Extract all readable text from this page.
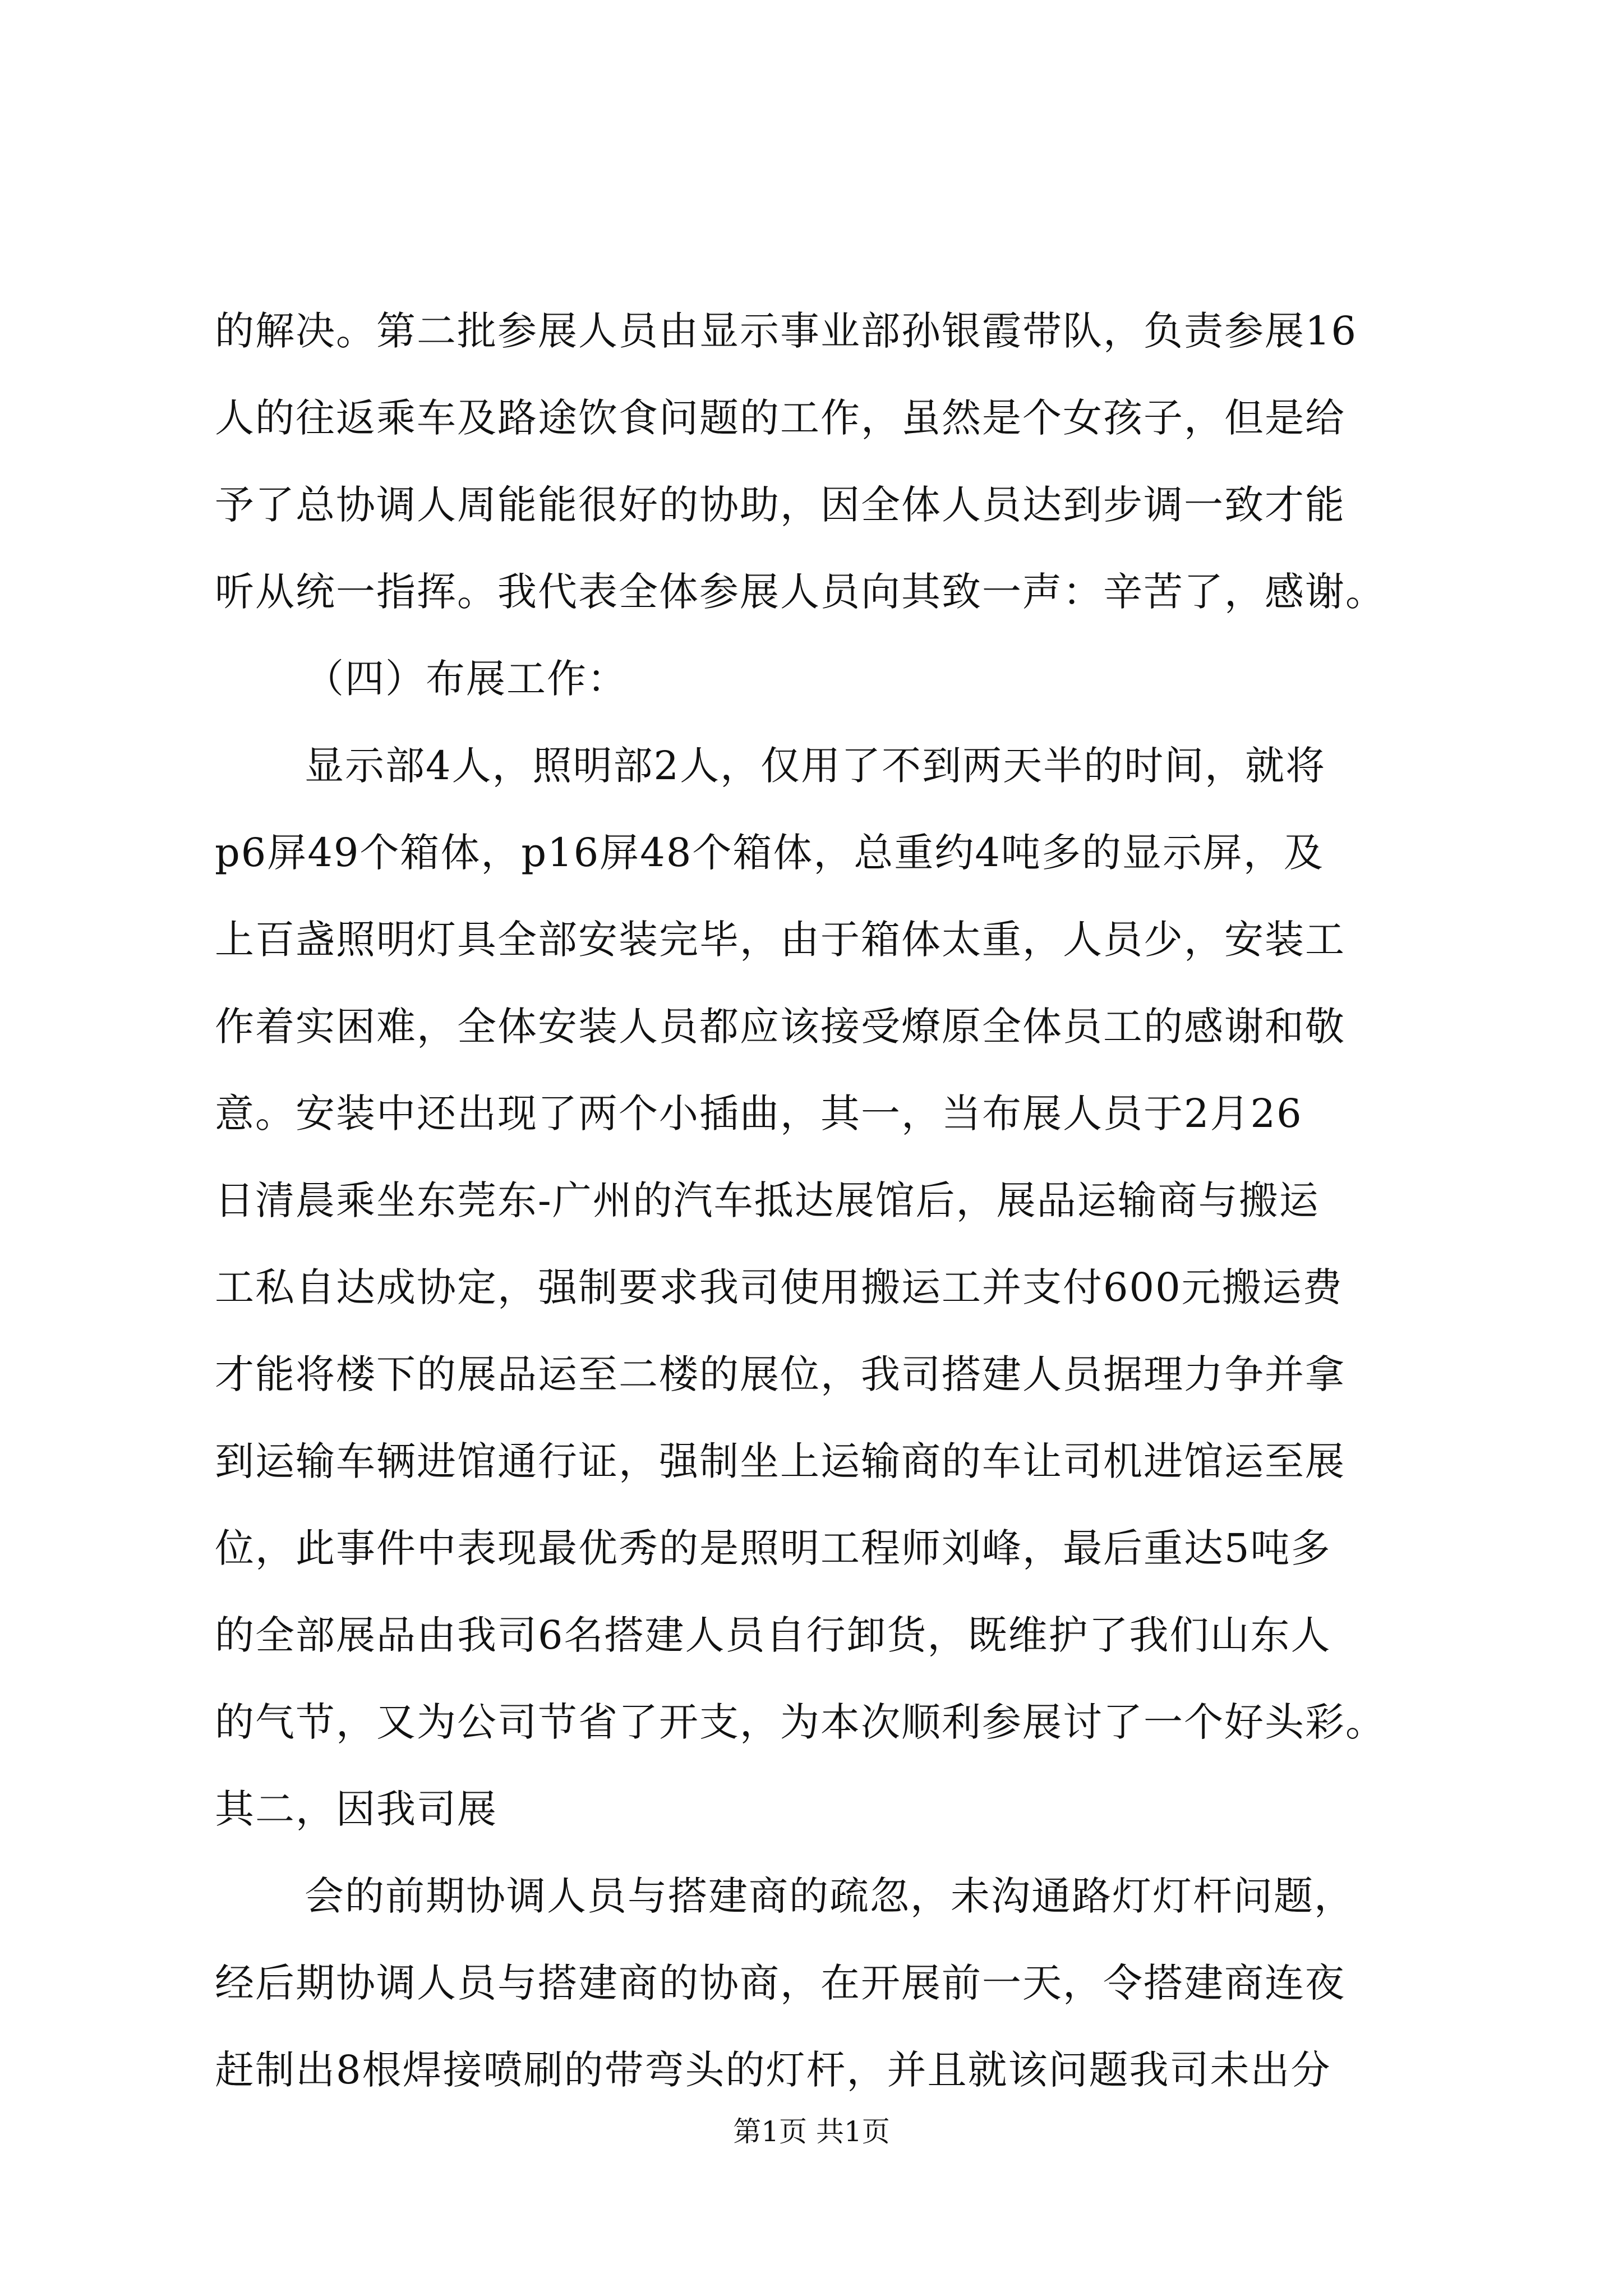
的解决。第二批参展人员由显示事业部孙银霞带队，负责参展16
人的往返乘车及路途饮食问题的工作，虽然是个女孩子，但是给
予了总协调人周能能很好的协助，因全体人员达到步调一致才能
听从统一指挥。我代表全体参展人员向其致一声：辛苦了，感谢。
（四）布展工作：
显示部4人，照明部2人，仅用了不到两天半的时间，就将
p6屏49个箱体，p16屏48个箱体，总重约4吨多的显示屏，及
上百盏照明灯具全部安装完毕，由于箱体太重，人员少，安装工
作着实困难，全体安装人员都应该接受燎原全体员工的感谢和敬
意。安装中还出现了两个小插曲，其一，当布展人员于2月26
日清晨乘坐东莞东-广州的汽车抵达展馆后，展品运输商与搬运
工私自达成协定，强制要求我司使用搬运工并支付600元搬运费
才能将楼下的展品运至二楼的展位，我司搭建人员据理力争并拿
到运输车辆进馆通行证，强制坐上运输商的车让司机进馆运至展
位，此事件中表现最优秀的是照明工程师刘峰，最后重达5吨多
的全部展品由我司6名搭建人员自行卸货，既维护了我们山东人
的气节，又为公司节省了开支，为本次顺利参展讨了一个好头彩。
其二，因我司展
会的前期协调人员与搭建商的疏忽，未沟通路灯灯杆问题，
经后期协调人员与搭建商的协商，在开展前一天，令搭建商连夜
赶制出8根焊接喷刷的带弯头的灯杆，并且就该问题我司未出分
第1页 共1页
